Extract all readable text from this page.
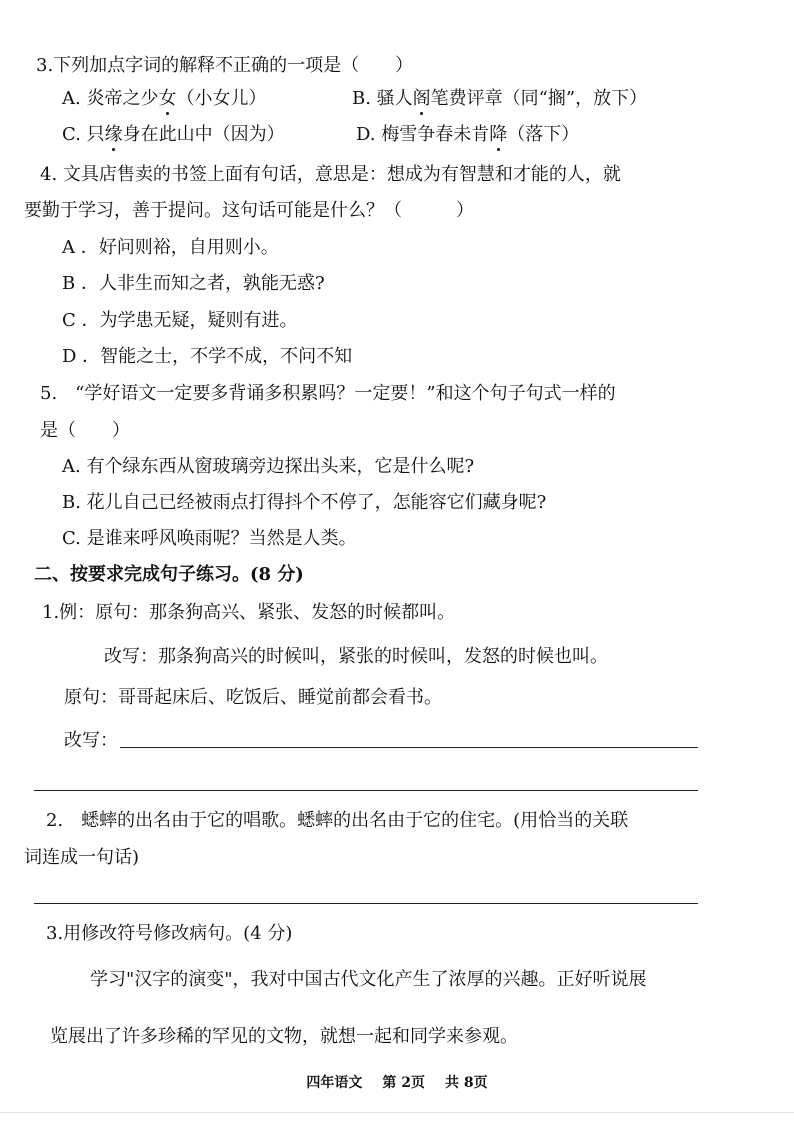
3.下列加点字词的解释不正确的一项是（　　）
A. 炎帝之少女（小女儿）	B. 骚人阁笔费评章（同“搁”，放下）
C. 只缘身在此山中（因为）	D. 梅雪争春未肯降（落下）
4. 文具店售卖的书签上面有句话，意思是：想成为有智慧和才能的人，就
要勤于学习，善于提问。这句话可能是什么？（　　　）
A ．好问则裕，自用则小。
B ．人非生而知之者，孰能无惑?
C ．为学患无疑，疑则有进。
D ．智能之士，不学不成，不问不知
5.　“学好语文一定要多背诵多积累吗？一定要！”和这个句子句式一样的
是（　　）
A. 有个绿东西从窗玻璃旁边探出头来，它是什么呢?
B. 花儿自己已经被雨点打得抖个不停了，怎能容它们藏身呢?
C. 是谁来呼风唤雨呢？当然是人类。
二、按要求完成句子练习。(8 分)
1.例：原句：那条狗高兴、紧张、发怒的时候都叫。
改写：那条狗高兴的时候叫，紧张的时候叫，发怒的时候也叫。
原句：哥哥起床后、吃饭后、睡觉前都会看书。
改写：
2.　蟋蟀的出名由于它的唱歌。蟋蟀的出名由于它的住宅。(用恰当的关联
词连成一句话)
3.用修改符号修改病句。(4 分)
学习"汉字的演变"，我对中国古代文化产生了浓厚的兴趣。正好听说展
览展出了许多珍稀的罕见的文物，就想一起和同学来参观。
四年语文 第 2页 共 8页
